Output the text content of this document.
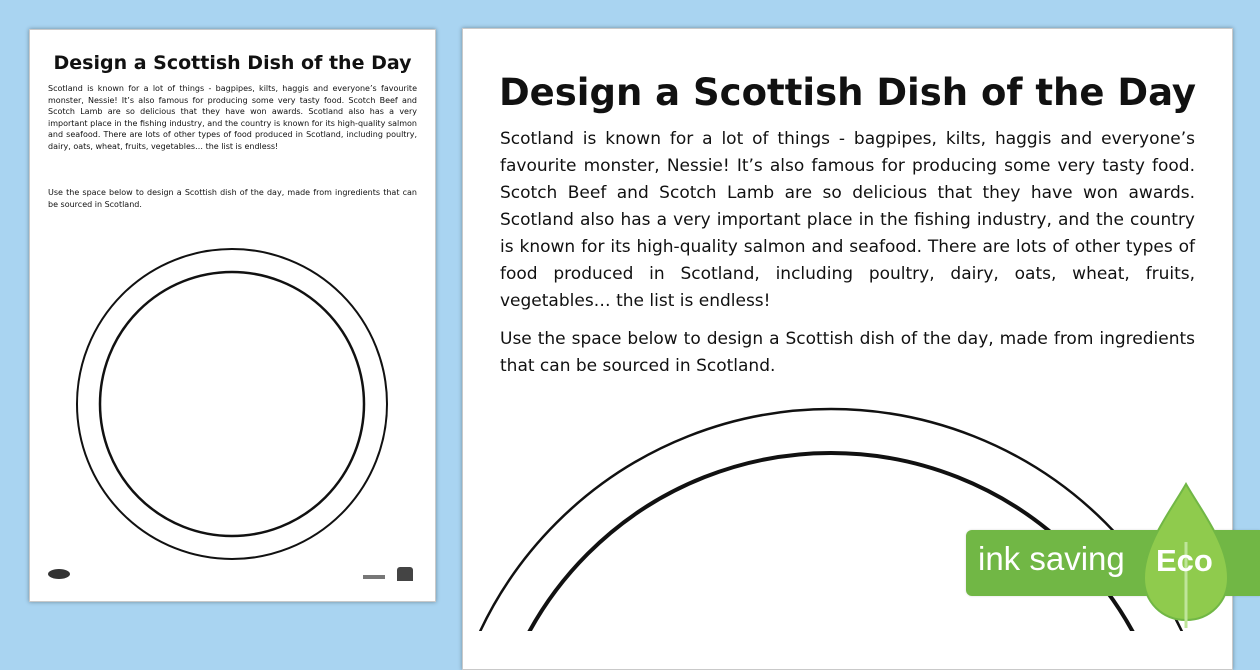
Design a Scottish Dish of the Day
Scotland is known for a lot of things - bagpipes, kilts, haggis and everyone’s favourite monster, Nessie! It’s also famous for producing some very tasty food. Scotch Beef and Scotch Lamb are so delicious that they have won awards. Scotland also has a very important place in the fishing industry, and the country is known for its high-quality salmon and seafood. There are lots of other types of food produced in Scotland, including poultry, dairy, oats, wheat, fruits, vegetables… the list is endless!
Use the space below to design a Scottish dish of the day, made from ingredients that can be sourced in Scotland.
Design a Scottish Dish of the Day
Scotland is known for a lot of things - bagpipes, kilts, haggis and everyone’s favourite monster, Nessie! It’s also famous for producing some very tasty food. Scotch Beef and Scotch Lamb are so delicious that they have won awards. Scotland also has a very important place in the fishing industry, and the country is known for its high-quality salmon and seafood. There are lots of other types of food produced in Scotland, including poultry, dairy, oats, wheat, fruits, vegetables… the list is endless!
Use the space below to design a Scottish dish of the day, made from ingredients that can be sourced in Scotland.
ink saving Eco
